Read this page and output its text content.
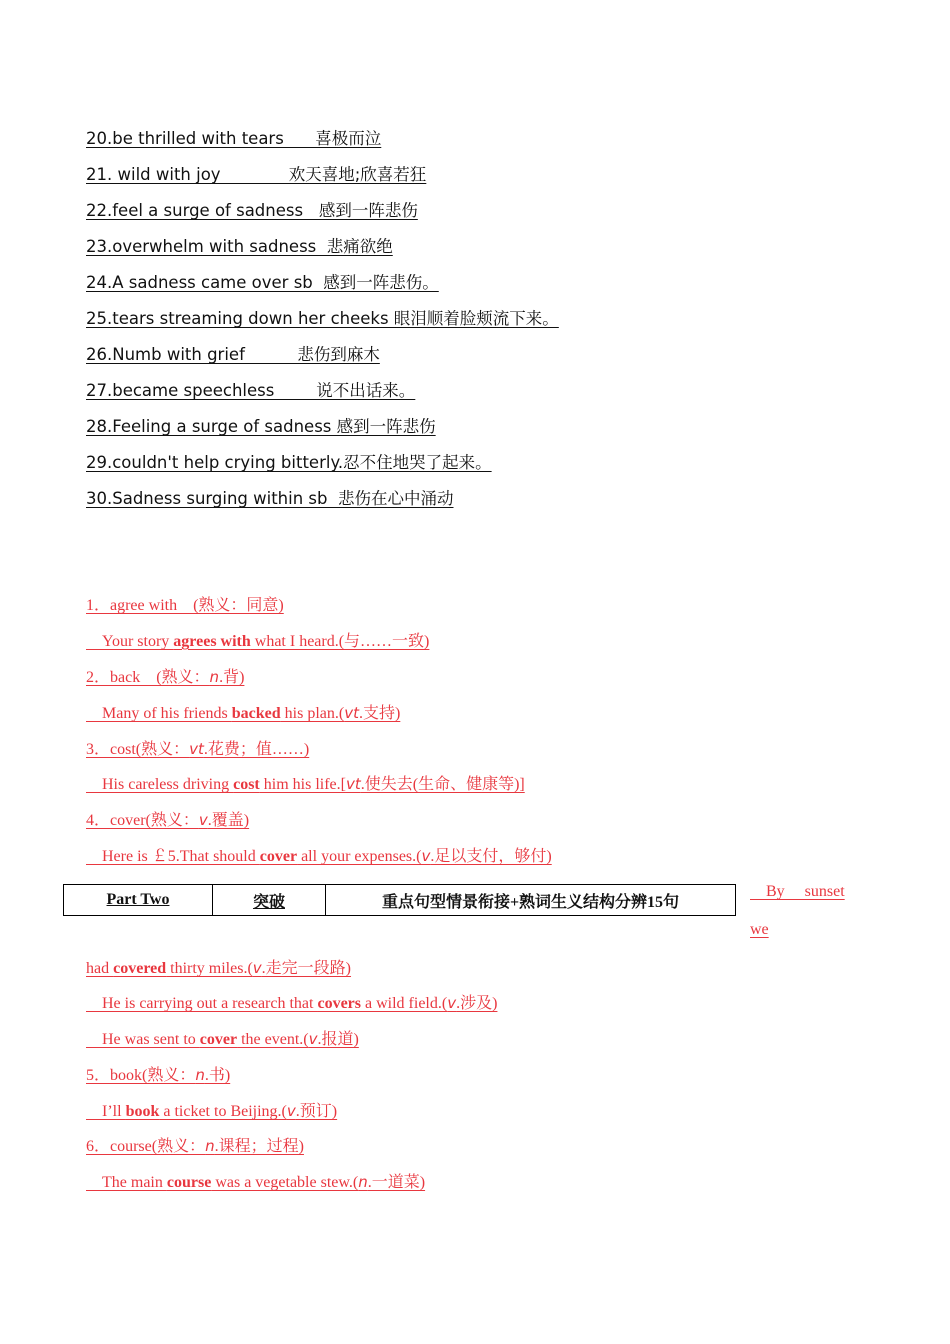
20.be thrilled with tears      喜极而泣
21. wild with joy             欢天喜地;欣喜若狂
22.feel a surge of sadness   感到一阵悲伤
23.overwhelm with sadness  悲痛欲绝
24.A sadness came over sb  感到一阵悲伤。
25.tears streaming down her cheeks 眼泪顺着脸颊流下来。
26.Numb with grief          悲伤到麻木
27.became speechless        说不出话来。
28.Feeling a surge of sadness 感到一阵悲伤
29.couldn't help crying bitterly.忍不住地哭了起来。
30.Sadness surging within sb  悲伤在心中涌动
1．agree with　(熟义：同意)
　Your story agrees with what I heard.(与……一致)
2．back　(熟义：n.背)
　Many of his friends backed his plan.(vt.支持)
3．cost(熟义：vt.花费；值……)
　His careless driving cost him his life.[vt.使失去(生命、健康等)]
4．cover(熟义：v.覆盖)
　Here is ￡5.That should cover all your expenses.(v.足以支付，够付)
Part Two	突破	重点句型情景衔接+熟词生义结构分辨15句
　By　 sunset
we
had covered thirty miles.(v.走完一段路)
　He is carrying out a research that covers a wild field.(v.涉及)
　He was sent to cover the event.(v.报道)
5．book(熟义：n.书)
　I’ll book a ticket to Beijing.(v.预订)
6．course(熟义：n.课程；过程)
　The main course was a vegetable stew.(n.一道菜)
